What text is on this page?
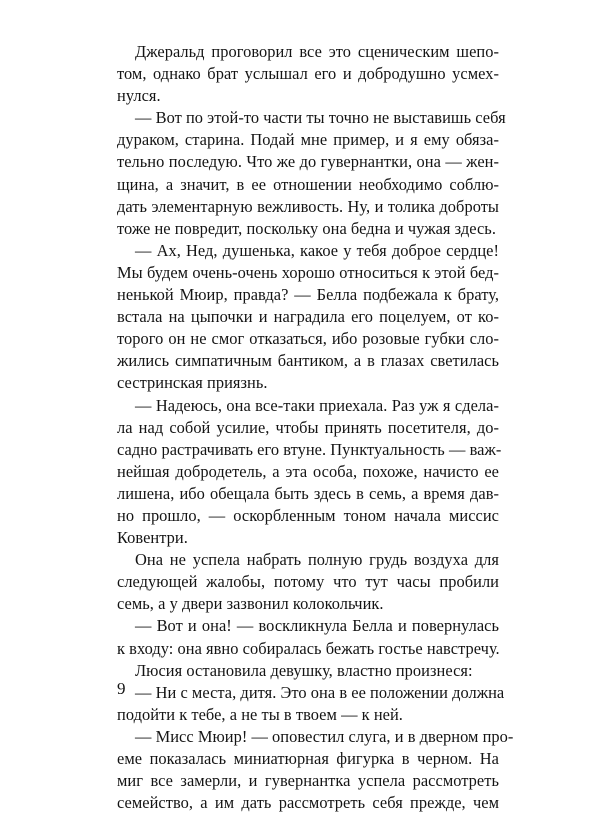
Джеральд проговорил все это сценическим шепо-
том, однако брат услышал его и добродушно усмех-
нулся.
— Вот по этой-то части ты точно не выставишь себя
дураком, старина. Подай мне пример, и я ему обяза-
тельно последую. Что же до гувернантки, она — жен-
щина, а значит, в ее отношении необходимо соблю-
дать элементарную вежливость. Ну, и толика доброты
тоже не повредит, поскольку она бедна и чужая здесь.
— Ах, Нед, душенька, какое у тебя доброе сердце!
Мы будем очень-очень хорошо относиться к этой бед-
ненькой Мюир, правда? — Белла подбежала к брату,
встала на цыпочки и наградила его поцелуем, от ко-
торого он не смог отказаться, ибо розовые губки сло-
жились симпатичным бантиком, а в глазах светилась
сестринская приязнь.
— Надеюсь, она все-таки приехала. Раз уж я сдела-
ла над собой усилие, чтобы принять посетителя, до-
садно растрачивать его втуне. Пунктуальность — важ-
нейшая добродетель, а эта особа, похоже, начисто ее
лишена, ибо обещала быть здесь в семь, а время дав-
но прошло, — оскорбленным тоном начала миссис
Ковентри.
Она не успела набрать полную грудь воздуха для
следующей жалобы, потому что тут часы пробили
семь, а у двери зазвонил колокольчик.
— Вот и она! — воскликнула Белла и повернулась
к входу: она явно собиралась бежать гостье навстречу.
Люсия остановила девушку, властно произнеся:
— Ни с места, дитя. Это она в ее положении должна
подойти к тебе, а не ты в твоем — к ней.
— Мисс Мюир! — оповестил слуга, и в дверном про-
еме показалась миниатюрная фигурка в черном. На
миг все замерли, и гувернантка успела рассмотреть
семейство, а им дать рассмотреть себя прежде, чем
9
